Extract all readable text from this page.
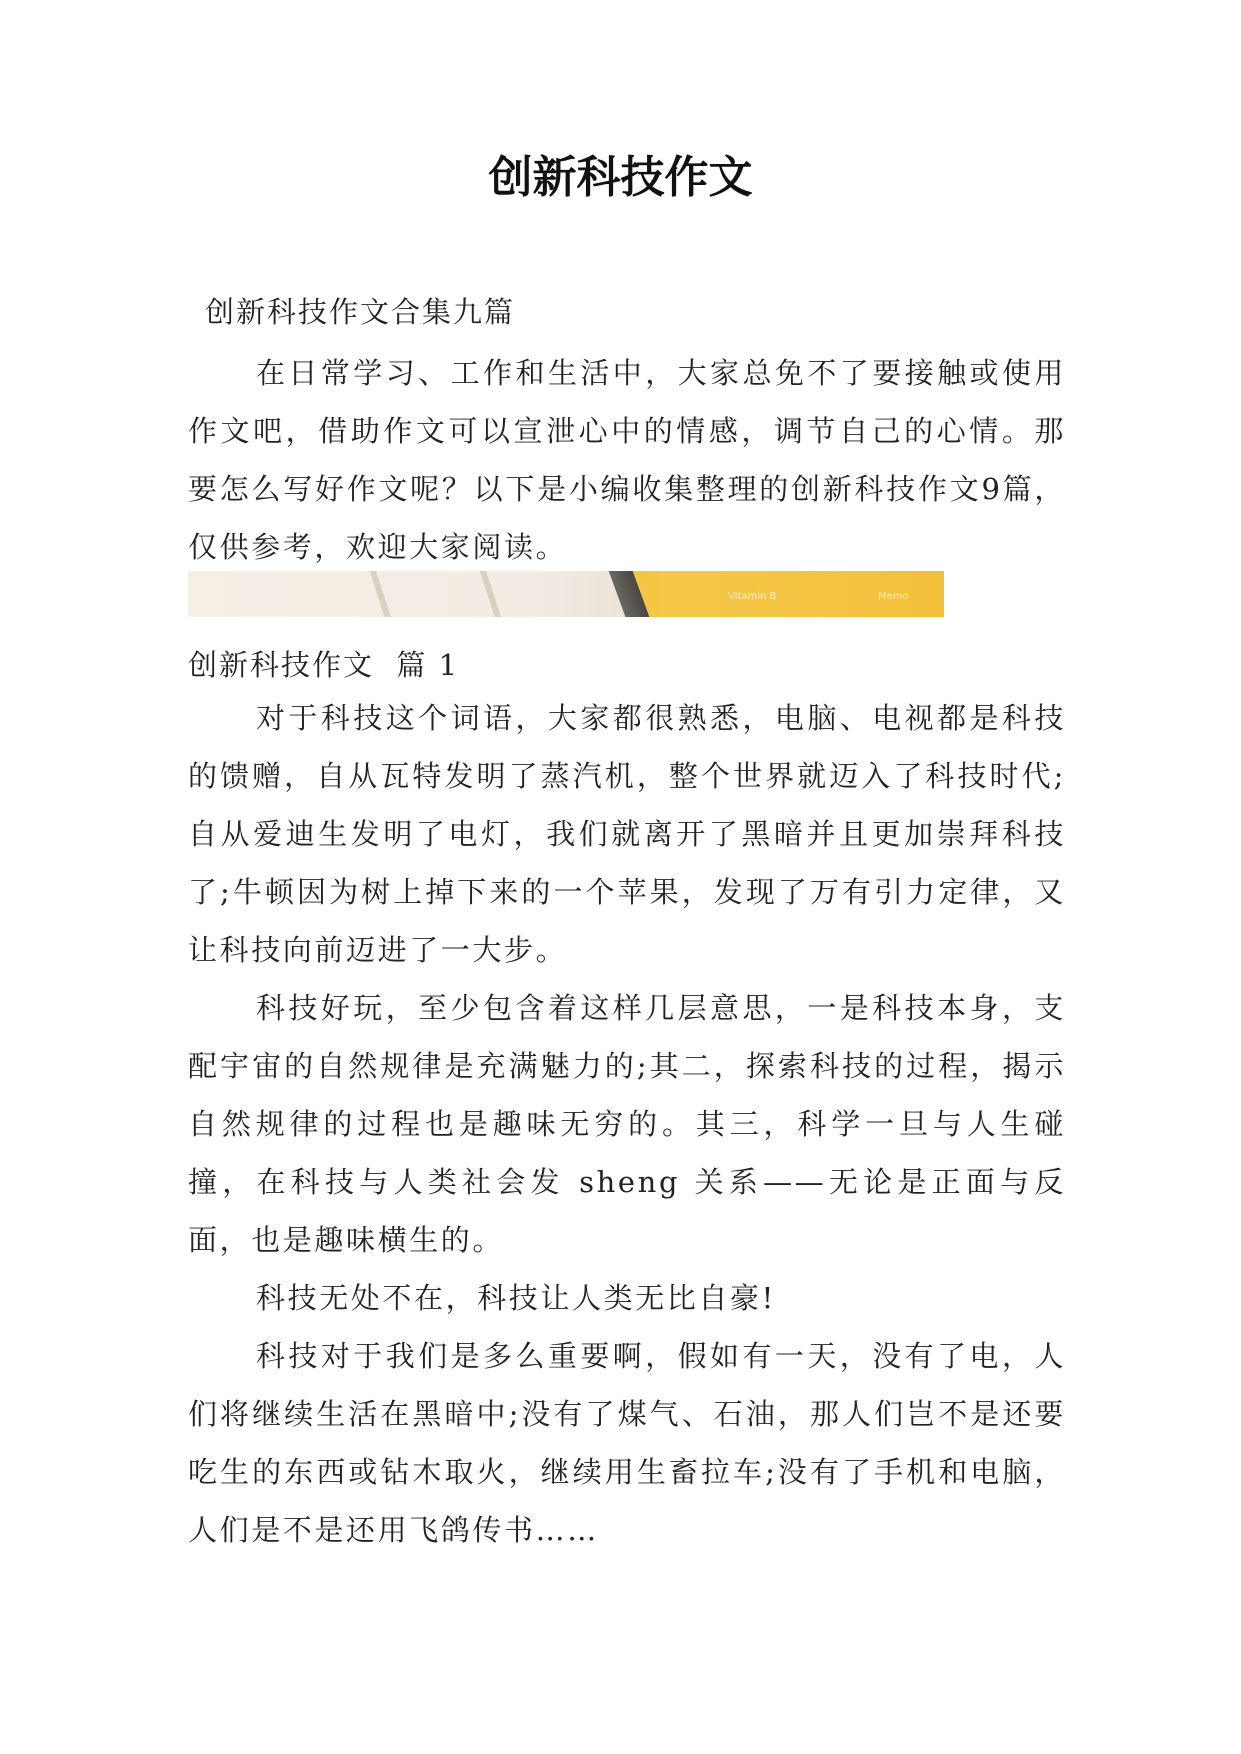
创新科技作文

创新科技作文合集九篇

在日常学习、工作和生活中，大家总免不了要接触或使用作文吧，借助作文可以宣泄心中的情感，调节自己的心情。那要怎么写好作文呢？以下是小编收集整理的创新科技作文9篇，仅供参考，欢迎大家阅读。

Vitamin B	Memo

创新科技作文  篇 1

对于科技这个词语，大家都很熟悉，电脑、电视都是科技的馈赠，自从瓦特发明了蒸汽机，整个世界就迈入了科技时代;自从爱迪生发明了电灯，我们就离开了黑暗并且更加崇拜科技了;牛顿因为树上掉下来的一个苹果，发现了万有引力定律，又让科技向前迈进了一大步。

科技好玩，至少包含着这样几层意思，一是科技本身，支配宇宙的自然规律是充满魅力的;其二，探索科技的过程，揭示自然规律的过程也是趣味无穷的。其三，科学一旦与人生碰撞，在科技与人类社会发 sheng 关系——无论是正面与反面，也是趣味横生的。

科技无处不在，科技让人类无比自豪!

科技对于我们是多么重要啊，假如有一天，没有了电，人们将继续生活在黑暗中;没有了煤气、石油，那人们岂不是还要吃生的东西或钻木取火，继续用生畜拉车;没有了手机和电脑，人们是不是还用飞鸽传书……
